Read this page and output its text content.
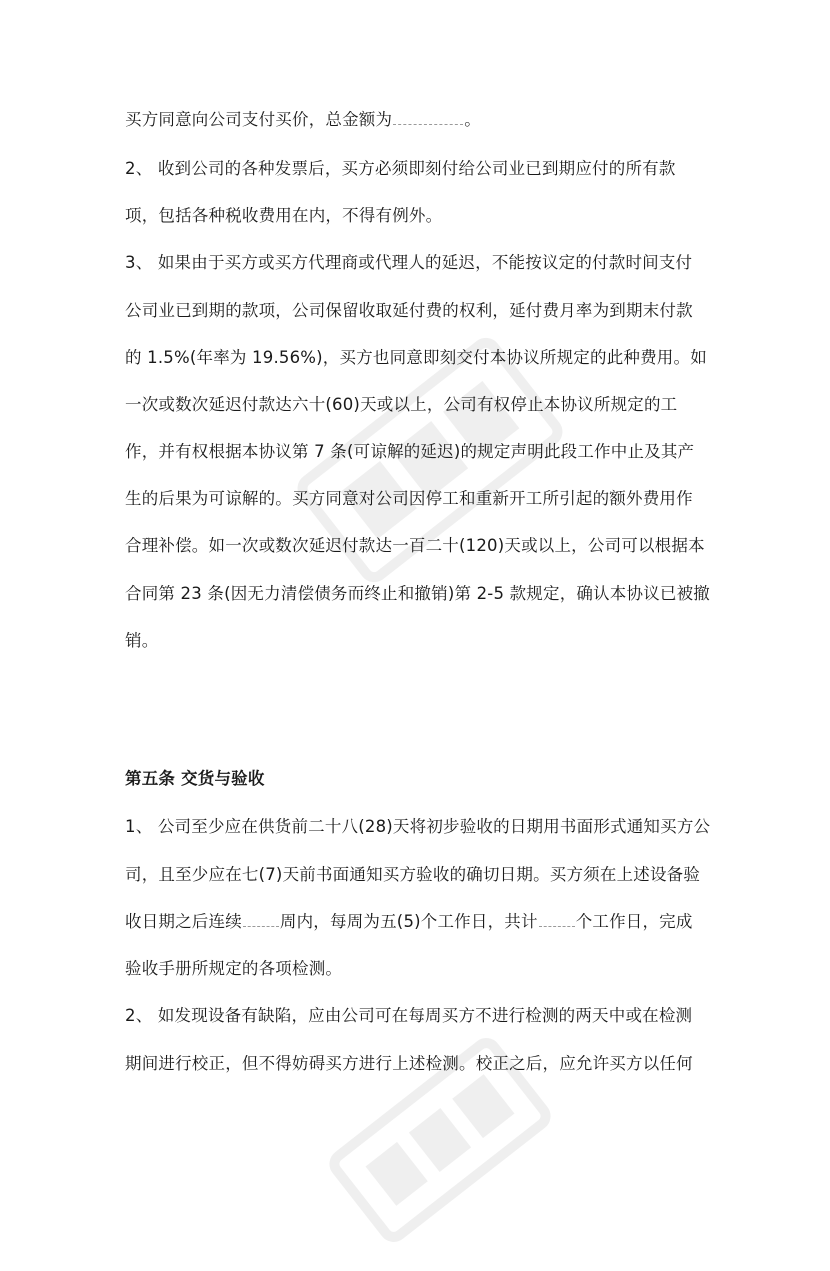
买方同意向公司支付买价，总金额为	。
2、 收到公司的各种发票后，买方必须即刻付给公司业已到期应付的所有款
项，包括各种税收费用在内，不得有例外。
3、 如果由于买方或买方代理商或代理人的延迟，不能按议定的付款时间支付
公司业已到期的款项，公司保留收取延付费的权利，延付费月率为到期末付款
的 1.5%(年率为 19.56%)，买方也同意即刻交付本协议所规定的此种费用。如
一次或数次延迟付款达六十(60)天或以上，公司有权停止本协议所规定的工
作，并有权根据本协议第 7 条(可谅解的延迟)的规定声明此段工作中止及其产
生的后果为可谅解的。买方同意对公司因停工和重新开工所引起的额外费用作
合理补偿。如一次或数次延迟付款达一百二十(120)天或以上，公司可以根据本
合同第 23 条(因无力清偿债务而终止和撤销)第 2-5 款规定，确认本协议已被撤
销。
第五条 交货与验收
1、 公司至少应在供货前二十八(28)天将初步验收的日期用书面形式通知买方公
司，且至少应在七(7)天前书面通知买方验收的确切日期。买方须在上述设备验
收日期之后连续 周内，每周为五(5)个工作日，共计 个工作日，完成
验收手册所规定的各项检测。
2、 如发现设备有缺陷，应由公司可在每周买方不进行检测的两天中或在检测
期间进行校正，但不得妨碍买方进行上述检测。校正之后，应允许买方以任何
